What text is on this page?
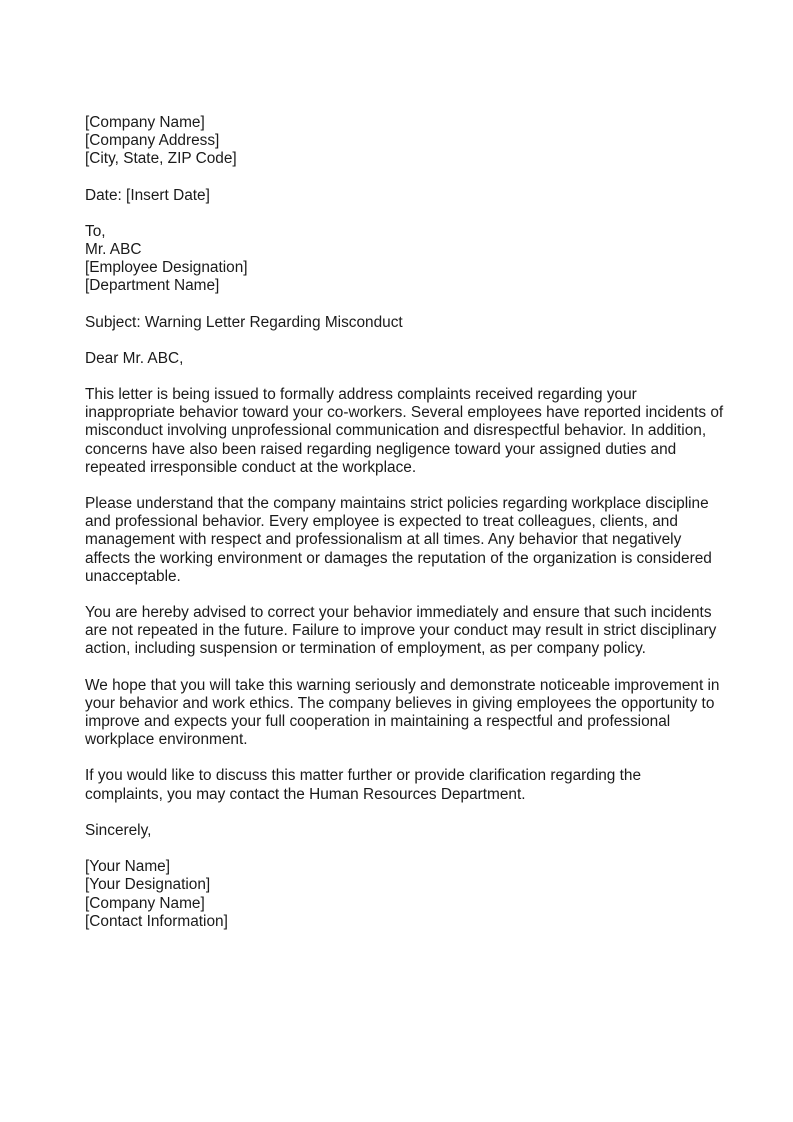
[Company Name]
[Company Address]
[City, State, ZIP Code]
Date: [Insert Date]
To,
Mr. ABC
[Employee Designation]
[Department Name]
Subject: Warning Letter Regarding Misconduct
Dear Mr. ABC,

This letter is being issued to formally address complaints received regarding your
inappropriate behavior toward your co-workers. Several employees have reported incidents of
misconduct involving unprofessional communication and disrespectful behavior. In addition,
concerns have also been raised regarding negligence toward your assigned duties and
repeated irresponsible conduct at the workplace.

Please understand that the company maintains strict policies regarding workplace discipline
and professional behavior. Every employee is expected to treat colleagues, clients, and
management with respect and professionalism at all times. Any behavior that negatively
affects the working environment or damages the reputation of the organization is considered
unacceptable.

You are hereby advised to correct your behavior immediately and ensure that such incidents
are not repeated in the future. Failure to improve your conduct may result in strict disciplinary
action, including suspension or termination of employment, as per company policy.

We hope that you will take this warning seriously and demonstrate noticeable improvement in
your behavior and work ethics. The company believes in giving employees the opportunity to
improve and expects your full cooperation in maintaining a respectful and professional
workplace environment.

If you would like to discuss this matter further or provide clarification regarding the
complaints, you may contact the Human Resources Department.

Sincerely,
[Your Name]
[Your Designation]
[Company Name]
[Contact Information]
